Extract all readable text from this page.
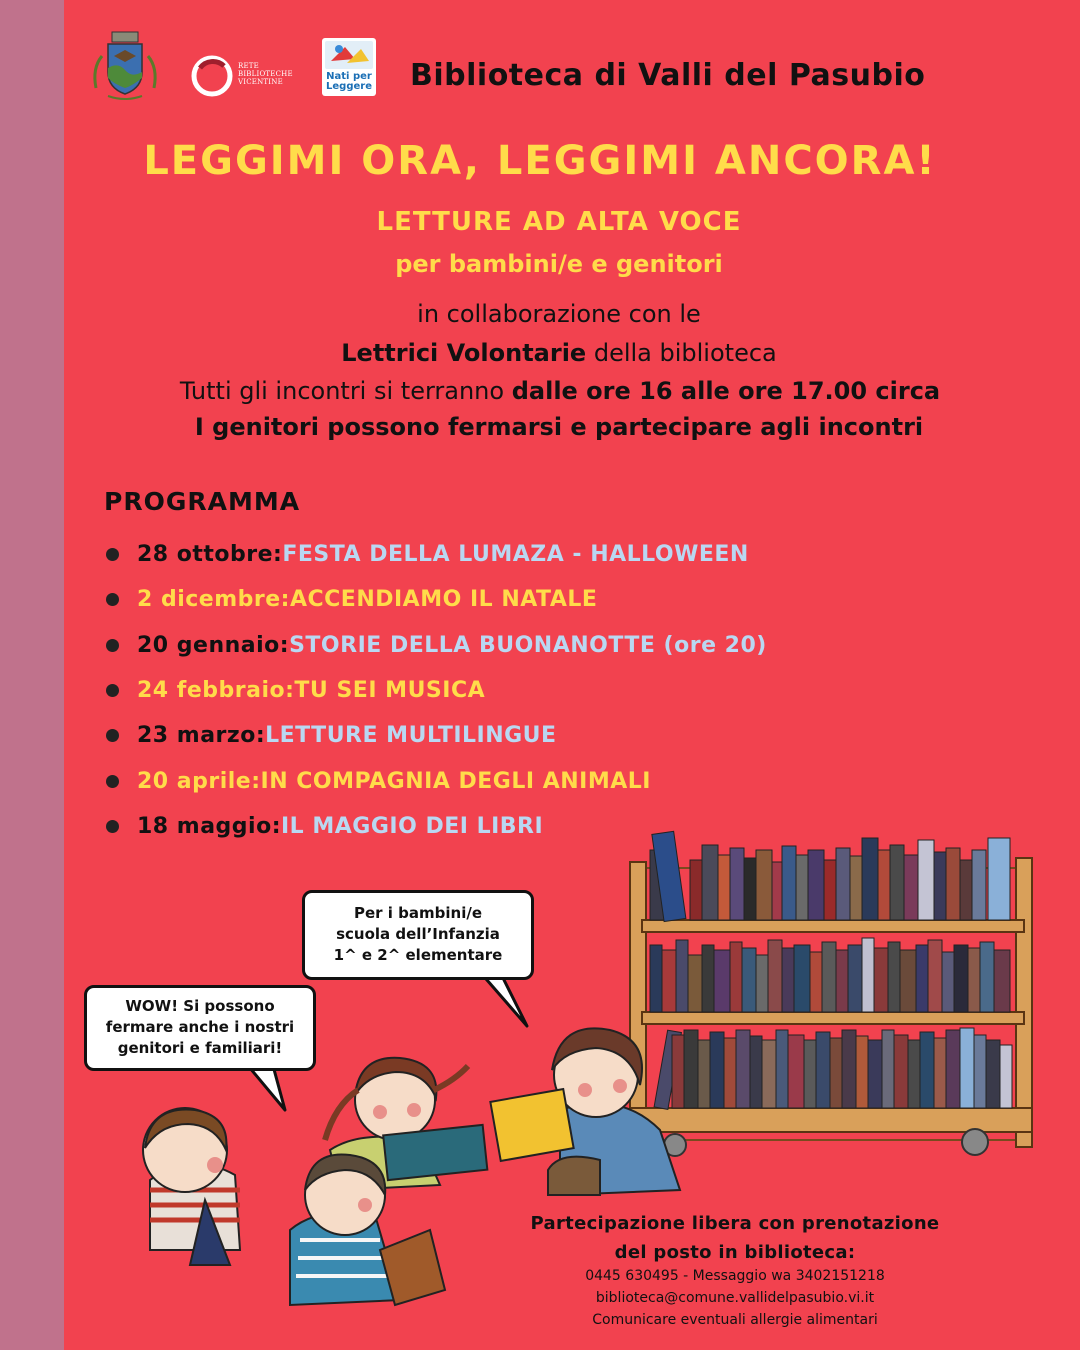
RETE BIBLIOTECHE VICENTINE	Nati per Leggere Biblioteca di Valli del Pasubio
LEGGIMI ORA, LEGGIMI ANCORA!
LETTURE AD ALTA VOCE
per bambini/e e genitori
in collaborazione con le
Lettrici Volontarie della biblioteca
Tutti gli incontri si terranno dalle ore 16 alle ore 17.00 circa
I genitori possono fermarsi e partecipare agli incontri
PROGRAMMA
28 ottobre: FESTA DELLA LUMAZA - HALLOWEEN
2 dicembre: ACCENDIAMO IL NATALE
20 gennaio: STORIE DELLA BUONANOTTE (ore 20)
24 febbraio: TU SEI MUSICA
23 marzo: LETTURE MULTILINGUE
20 aprile: IN COMPAGNIA DEGLI ANIMALI
18 maggio: IL MAGGIO DEI LIBRI
Per i bambini/e
scuola dell’Infanzia
1^ e 2^ elementare
WOW! Si possono
fermare anche i nostri
genitori e familiari!
Partecipazione libera con prenotazione
del posto in biblioteca:
0445 630495 - Messaggio wa 3402151218
biblioteca@comune.vallidelpasubio.vi.it
Comunicare eventuali allergie alimentari
